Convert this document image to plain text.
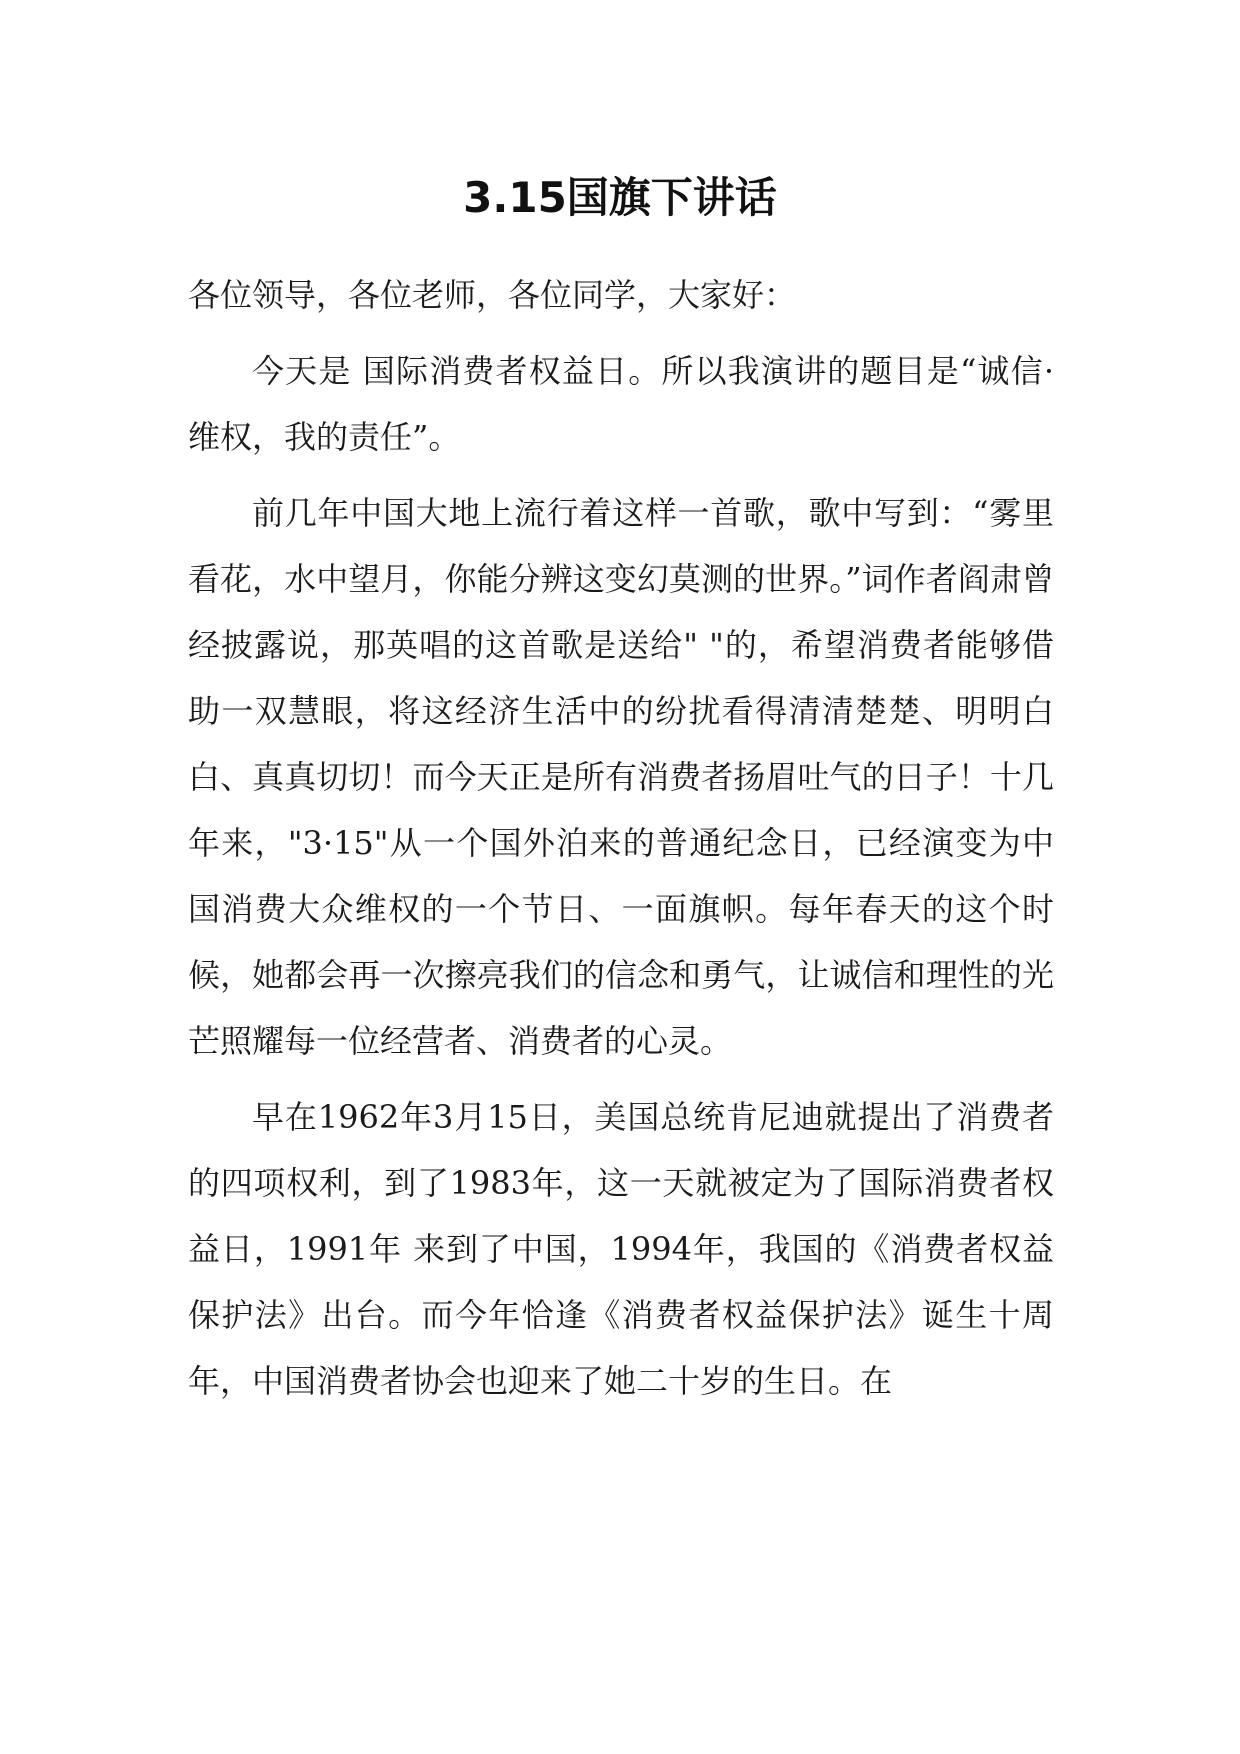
3.15国旗下讲话

各位领导，各位老师，各位同学，大家好：

今天是 国际消费者权益日。所以我演讲的题目是“诚信·维权，我的责任”。

前几年中国大地上流行着这样一首歌，歌中写到：“雾里看花，水中望月，你能分辨这变幻莫测的世界。”词作者阎肃曾经披露说，那英唱的这首歌是送给" "的，希望消费者能够借助一双慧眼，将这经济生活中的纷扰看得清清楚楚、明明白白、真真切切！而今天正是所有消费者扬眉吐气的日子！十几年来，"3·15"从一个国外泊来的普通纪念日，已经演变为中国消费大众维权的一个节日、一面旗帜。每年春天的这个时候，她都会再一次擦亮我们的信念和勇气，让诚信和理性的光芒照耀每一位经营者、消费者的心灵。

早在1962年3月15日，美国总统肯尼迪就提出了消费者的四项权利，到了1983年，这一天就被定为了国际消费者权益日，1991年 来到了中国，1994年，我国的《消费者权益保护法》出台。而今年恰逢《消费者权益保护法》诞生十周年，中国消费者协会也迎来了她二十岁的生日。在
